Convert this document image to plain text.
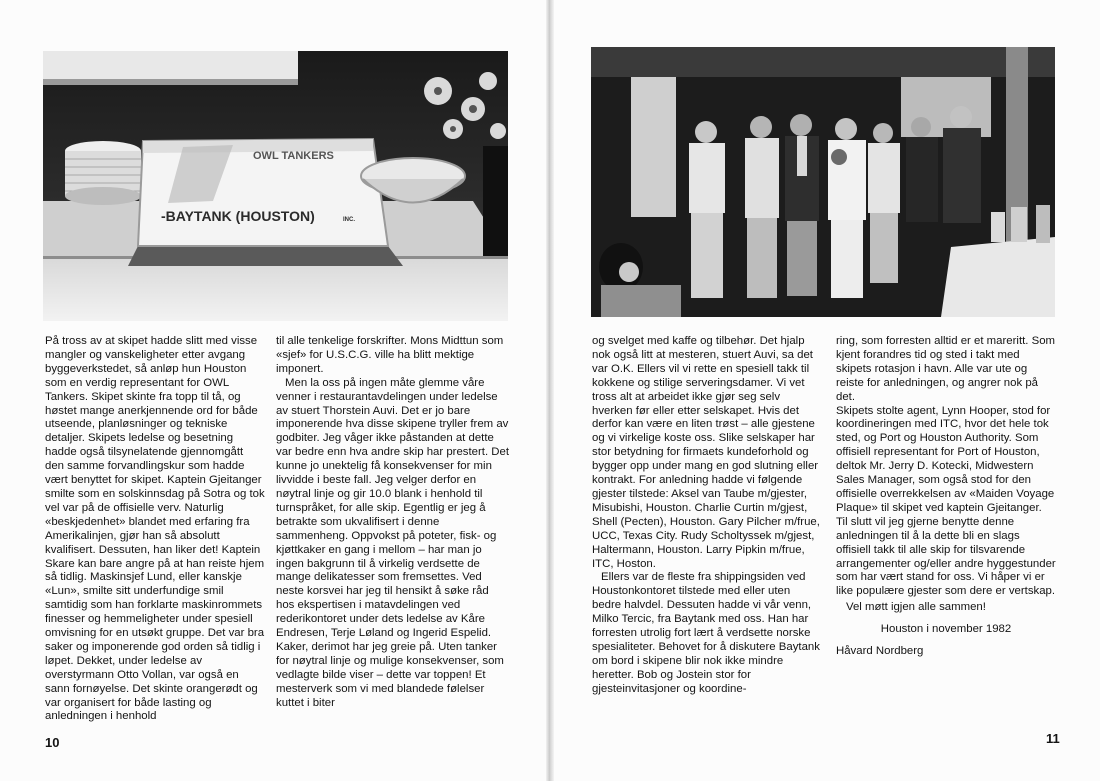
OWL TANKERS
-BAYTANK (HOUSTON)	INC.

På tross av at skipet hadde slitt med visse mangler og vanskeligheter etter avgang byggeverkstedet, så anløp hun Houston som en verdig representant for OWL Tankers. Skipet skinte fra topp til tå, og høstet mange anerkjennende ord for både utseende, planløsninger og tekniske detaljer. Skipets ledelse og besetning hadde også tilsynelatende gjennomgått den samme forvandlingskur som hadde vært benyttet for skipet. Kaptein Gjeitanger smilte som en solskinnsdag på Sotra og tok vel var på de offisielle verv. Naturlig «beskjedenhet» blandet med erfaring fra Amerikalinjen, gjør han så absolutt kvalifisert. Dessuten, han liker det! Kaptein Skare kan bare angre på at han reiste hjem så tidlig. Maskinsjef Lund, eller kanskje «Lun», smilte sitt underfundige smil samtidig som han forklarte maskinrommets finesser og hemmeligheter under spesiell omvisning for en utsøkt gruppe. Det var bra saker og imponerende god orden så tidlig i løpet. Dekket, under ledelse av overstyrmann Otto Vollan, var også en sann fornøyelse. Det skinte orangerødt og var organisert for både lasting og anledningen i henhold

til alle tenkelige forskrifter. Mons Midttun som «sjef» for U.S.C.G. ville ha blitt mektige imponert.

Men la oss på ingen måte glemme våre venner i restaurantavdelingen under ledelse av stuert Thorstein Auvi. Det er jo bare imponerende hva disse skipene tryller frem av godbiter. Jeg våger ikke påstanden at dette var bedre enn hva andre skip har prestert. Det kunne jo unektelig få konsekvenser for min livvidde i beste fall. Jeg velger derfor en nøytral linje og gir 10.0 blank i henhold til turnspråket, for alle skip. Egentlig er jeg å betrakte som ukvalifisert i denne sammenheng. Oppvokst på poteter, fisk- og kjøttkaker en gang i mellom – har man jo ingen bakgrunn til å virkelig verdsette de mange delikatesser som fremsettes. Ved neste korsvei har jeg til hensikt å søke råd hos ekspertisen i matavdelingen ved rederikontoret under dets ledelse av Kåre Endresen, Terje Løland og Ingerid Espelid. Kaker, derimot har jeg greie på. Uten tanker for nøytral linje og mulige konsekvenser, som vedlagte bilde viser – dette var toppen! Et mesterverk som vi med blandede følelser kuttet i biter

og svelget med kaffe og tilbehør. Det hjalp nok også litt at mesteren, stuert Auvi, sa det var O.K. Ellers vil vi rette en spesiell takk til kokkene og stilige serveringsdamer. Vi vet tross alt at arbeidet ikke gjør seg selv hverken før eller etter selskapet. Hvis det derfor kan være en liten trøst – alle gjestene og vi virkelige koste oss. Slike selskaper har stor betydning for firmaets kundeforhold og bygger opp under mang en god slutning eller kontrakt. For anledning hadde vi følgende gjester tilstede: Aksel van Taube m/gjester, Misubishi, Houston. Charlie Curtin m/gjest, Shell (Pecten), Houston. Gary Pilcher m/frue, UCC, Texas City. Rudy Scholtyssek m/gjest, Haltermann, Houston. Larry Pipkin m/frue, ITC, Hoston.

Ellers var de fleste fra shippingsiden ved Houstonkontoret tilstede med eller uten bedre halvdel. Dessuten hadde vi vår venn, Milko Tercic, fra Baytank med oss. Han har forresten utrolig fort lært å verdsette norske spesialiteter. Behovet for å diskutere Baytank om bord i skipene blir nok ikke mindre heretter. Bob og Jostein stor for gjesteinvitasjoner og koordine-

ring, som forresten alltid er et mareritt. Som kjent forandres tid og sted i takt med skipets rotasjon i havn. Alle var ute og reiste for anledningen, og angrer nok på det.

Skipets stolte agent, Lynn Hooper, stod for koordineringen med ITC, hvor det hele tok sted, og Port og Houston Authority. Som offisiell representant for Port of Houston, deltok Mr. Jerry D. Kotecki, Midwestern Sales Manager, som også stod for den offisielle overrekkelsen av «Maiden Voyage Plaque» til skipet ved kaptein Gjeitanger.

Til slutt vil jeg gjerne benytte denne anledningen til å la dette bli en slags offisiell takk til alle skip for tilsvarende arrangementer og/eller andre hyggestunder som har vært stand for oss. Vi håper vi er like populære gjester som dere er vertskap.

Vel møtt igjen alle sammen!

Houston i november 1982

Håvard Nordberg

10	11
